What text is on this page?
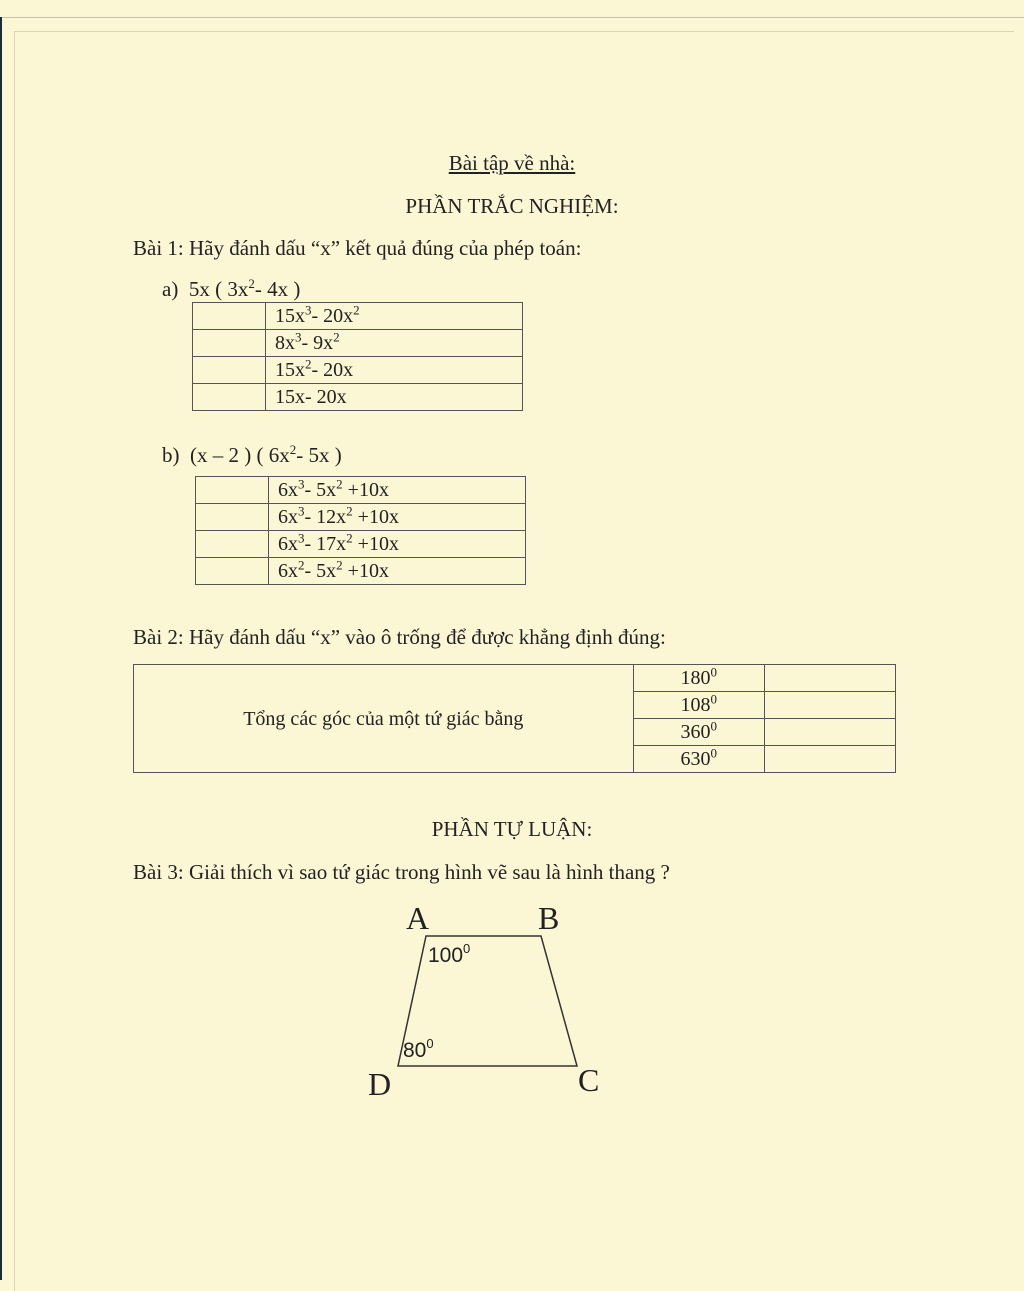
Bài tập về nhà:
PHẦN TRẮC NGHIỆM:
Bài 1: Hãy đánh dấu “x” kết quả đúng của phép toán:
a) 5x ( $3x^2-$ 4x )
	$15x^3-$ $20x^2$
	$8x^3-$ $9x^2$
	$15x^2-$ 20x
	15x- 20x
b) (x – 2 ) ( $6x^2-$ 5x )
	$6x^3-$ $5x^2 +10x$
	$6x^3-$ $12x^2 +10x$
	$6x^3-$ $17x^2 +10x$
	$6x^2-$ $5x^2 +10x$
Bài 2: Hãy đánh dấu “x” vào ô trống để được khẳng định đúng:
Tổng các góc của một tứ giác bằng	$180^0$	
	$108^0$	
	$360^0$	
	$630^0$	
PHẦN TỰ LUẬN:
Bài 3: Giải thích vì sao tứ giác trong hình vẽ sau là hình thang ?
A	B
C
D
$100^0$
$80^0$
